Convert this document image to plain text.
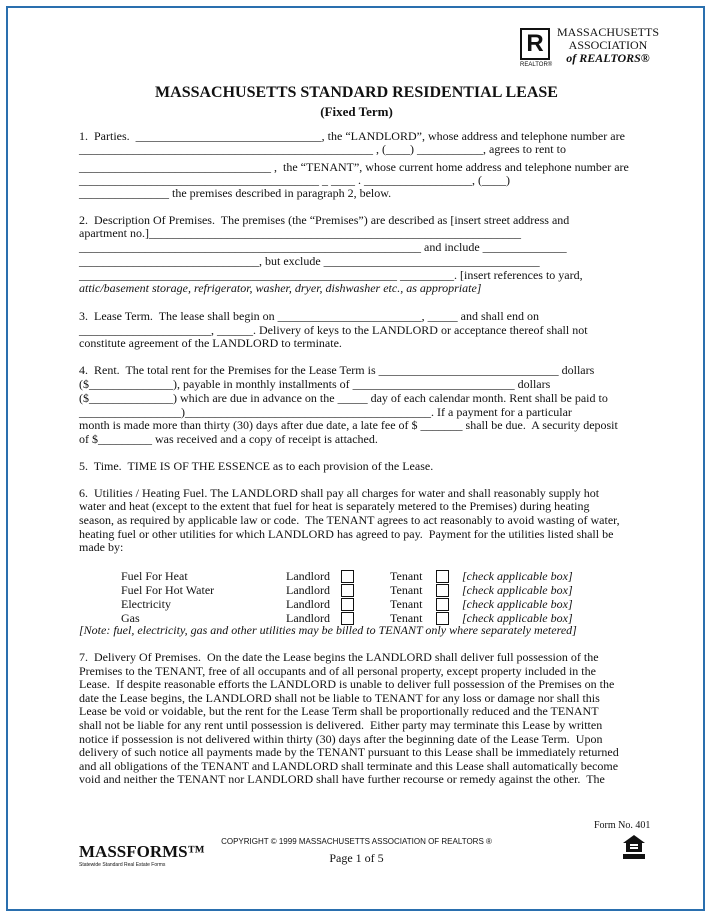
R
REALTOR®
MASSACHUSETTS
ASSOCIATION
of REALTORS®
MASSACHUSETTS STANDARD RESIDENTIAL LEASE
(Fixed Term)
1.  Parties.  _______________________________, the “LANDLORD”, whose address and telephone number are
_________________________________________________ , (____) ___________, agrees to rent to
________________________________ ,  the “TENANT”, whose current home address and telephone number are
________________________________________ _ ____ . __________________, (____)
_______________ the premises described in paragraph 2, below.
2.  Description Of Premises.  The premises (the “Premises”) are described as [insert street address and
apartment no.]______________________________________________________________
_________________________________________________________ and include ______________
______________________________, but exclude ____________________________________
_____________________________________________________ _________. [insert references to yard,
attic/basement storage, refrigerator, washer, dryer, dishwasher etc., as appropriate]
3.  Lease Term.  The lease shall begin on ________________________, _____ and shall end on
______________________, ______. Delivery of keys to the LANDLORD or acceptance thereof shall not
constitute agreement of the LANDLORD to terminate.
4.  Rent.  The total rent for the Premises for the Lease Term is ______________________________ dollars
($______________), payable in monthly installments of ___________________________ dollars
($______________) which are due in advance on the _____ day of each calendar month. Rent shall be paid to
_________________)_________________________________________. If a payment for a particular
month is made more than thirty (30) days after due date, a late fee of $ _______ shall be due.  A security deposit
of $_________ was received and a copy of receipt is attached.
5.  Time.  TIME IS OF THE ESSENCE as to each provision of the Lease.
6.  Utilities / Heating Fuel. The LANDLORD shall pay all charges for water and shall reasonably supply hot
water and heat (except to the extent that fuel for heat is separately metered to the Premises) during heating
season, as required by applicable law or code.  The TENANT agrees to act reasonably to avoid wasting of water,
heating fuel or other utilities for which LANDLORD has agreed to pay.  Payment for the utilities listed shall be
made by:
Fuel For Heat	Landlord	Tenant	[check applicable box]
Fuel For Hot Water	Landlord	Tenant	[check applicable box]
Electricity	Landlord	Tenant	[check applicable box]
Gas	Landlord	Tenant	[check applicable box]
[Note: fuel, electricity, gas and other utilities may be billed to TENANT only where separately metered]
7.  Delivery Of Premises.  On the date the Lease begins the LANDLORD shall deliver full possession of the
Premises to the TENANT, free of all occupants and of all personal property, except property included in the
Lease.  If despite reasonable efforts the LANDLORD is unable to deliver full possession of the Premises on the
date the Lease begins, the LANDLORD shall not be liable to TENANT for any loss or damage nor shall this
Lease be void or voidable, but the rent for the Lease Term shall be proportionally reduced and the TENANT
shall not be liable for any rent until possession is delivered.  Either party may terminate this Lease by written
notice if possession is not delivered within thirty (30) days after the beginning date of the Lease Term.  Upon
delivery of such notice all payments made by the TENANT pursuant to this Lease shall be immediately returned
and all obligations of the TENANT and LANDLORD shall terminate and this Lease shall automatically become
void and neither the TENANT nor LANDLORD shall have further recourse or remedy against the other.  The
Form No. 401
MASSFORMS™
Statewide Standard Real Estate Forms
COPYRIGHT © 1999 MASSACHUSETTS ASSOCIATION OF REALTORS ®
Page 1 of 5
